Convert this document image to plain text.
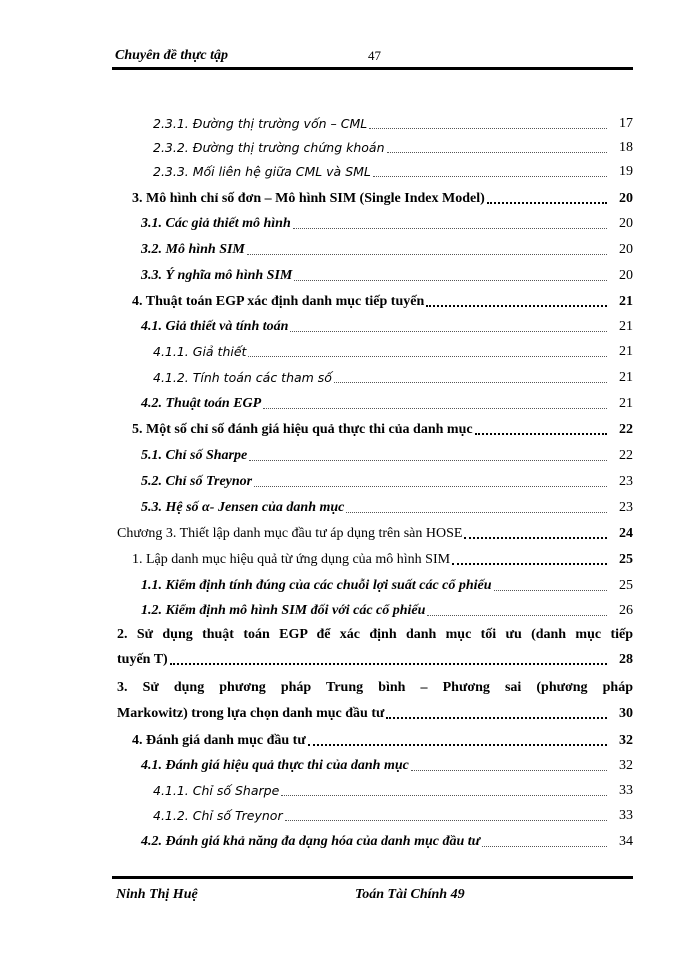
Chuyên đề thực tập	47
2.3.1. Đường thị trường vốn – CML	17
2.3.2. Đường thị trường chứng khoán	18
2.3.3. Mối liên hệ giữa CML và SML	19
3. Mô hình chỉ số đơn – Mô hình SIM (Single Index Model)	20
3.1. Các giả thiết mô hình	20
3.2. Mô hình SIM	20
3.3. Ý nghĩa mô hình SIM	20
4. Thuật toán EGP xác định danh mục tiếp tuyến	21
4.1. Giả thiết và tính toán	21
4.1.1. Giả thiết	21
4.1.2. Tính toán các tham số	21
4.2. Thuật toán EGP	21
5. Một số chỉ số đánh giá hiệu quả thực thi của danh mục	22
5.1. Chỉ số Sharpe	22
5.2. Chỉ số Treynor	23
5.3. Hệ số α- Jensen của danh mục	23
Chương 3. Thiết lập danh mục đầu tư áp dụng trên sàn HOSE	24
1. Lập danh mục hiệu quả từ ứng dụng của mô hình SIM	25
1.1. Kiểm định tính đúng của các chuỗi lợi suất các cổ phiếu	25
1.2. Kiểm định mô hình SIM đối với các cổ phiếu	26
2. Sử dụng thuật toán EGP để xác định danh mục tối ưu (danh mục tiếp
tuyến T)	28
3. Sử dụng phương pháp Trung bình – Phương sai (phương pháp
Markowitz) trong lựa chọn danh mục đầu tư	30
4. Đánh giá danh mục đầu tư	32
4.1. Đánh giá hiệu quả thực thi của danh mục	32
4.1.1. Chỉ số Sharpe	33
4.1.2. Chỉ số Treynor	33
4.2. Đánh giá khả năng đa dạng hóa của danh mục đầu tư	34
Ninh Thị Huệ	Toán Tài Chính 49
